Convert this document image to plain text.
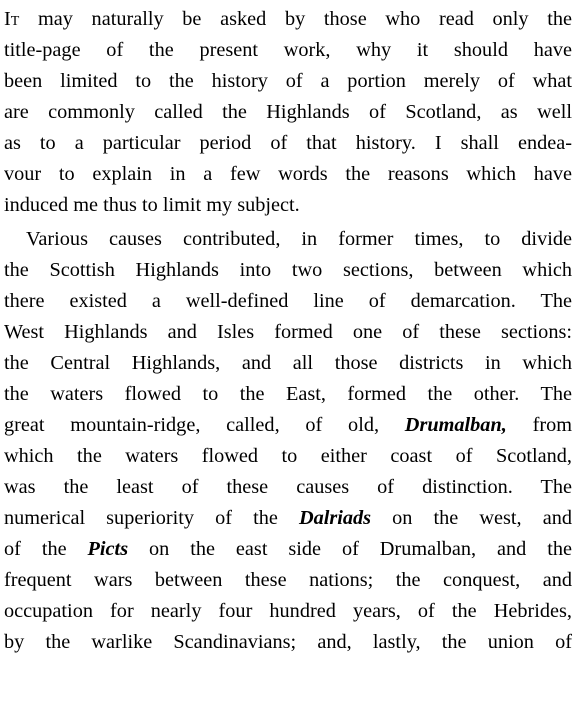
It may naturally be asked by those who read only the
title-page of the present work, why it should have
been limited to the history of a portion merely of what
are commonly called the Highlands of Scotland, as well
as to a particular period of that history. I shall endea-
vour to explain in a few words the reasons which have
induced me thus to limit my subject.
Various causes contributed, in former times, to divide
the Scottish Highlands into two sections, between which
there existed a well-defined line of demarcation. The
West Highlands and Isles formed one of these sections:
the Central Highlands, and all those districts in which
the waters flowed to the East, formed the other. The
great mountain-ridge, called, of old, Drumalban, from
which the waters flowed to either coast of Scotland,
was the least of these causes of distinction. The
numerical superiority of the Dalriads on the west, and
of the Picts on the east side of Drumalban, and the
frequent wars between these nations; the conquest, and
occupation for nearly four hundred years, of the Hebrides,
by the warlike Scandinavians; and, lastly, the union of
